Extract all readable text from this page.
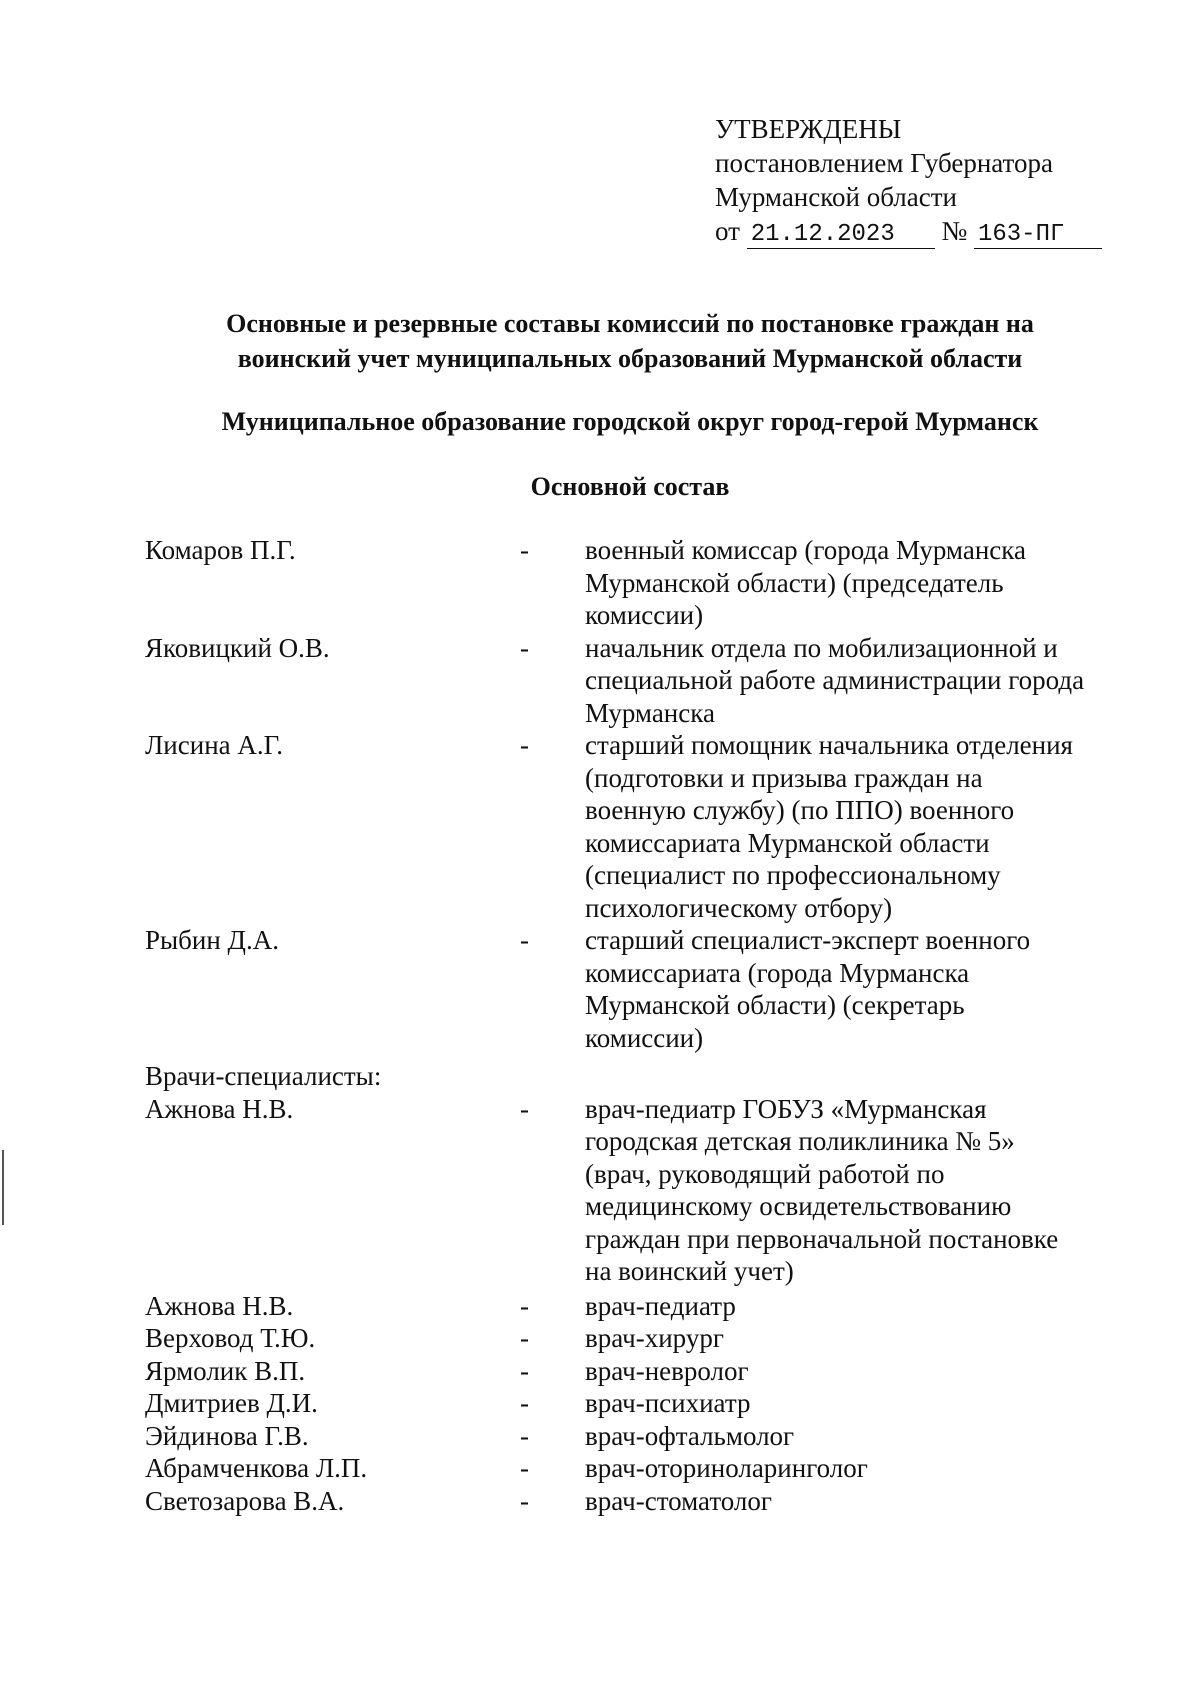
УТВЕРЖДЕНЫ
постановлением Губернатора
Мурманской области
от 21.12.2023 № 163-ПГ
Основные и резервные составы комиссий по постановке граждан на
воинский учет муниципальных образований Мурманской области
Муниципальное образование городской округ город-герой Мурманск
Основной состав
Комаров П.Г.	-	военный комиссар (города Мурманска
Мурманской области) (председатель
комиссии)
Яковицкий О.В.	-	начальник отдела по мобилизационной и
специальной работе администрации города
Мурманска
Лисина А.Г.	-	старший помощник начальника отделения
(подготовки и призыва граждан на
военную службу) (по ППО) военного
комиссариата Мурманской области
(специалист по профессиональному
психологическому отбору)
Рыбин Д.А.	-	старший специалист-эксперт военного
комиссариата (города Мурманска
Мурманской области) (секретарь
комиссии)
Врачи-специалисты:
Ажнова Н.В.	-	врач-педиатр ГОБУЗ «Мурманская
городская детская поликлиника № 5»
(врач, руководящий работой по
медицинскому освидетельствованию
граждан при первоначальной постановке
на воинский учет)
Ажнова Н.В.	-	врач-педиатр
Верховод Т.Ю.	-	врач-хирург
Ярмолик В.П.	-	врач-невролог
Дмитриев Д.И.	-	врач-психиатр
Эйдинова Г.В.	-	врач-офтальмолог
Абрамченкова Л.П.	-	врач-оториноларинголог
Светозарова В.А.	-	врач-стоматолог
